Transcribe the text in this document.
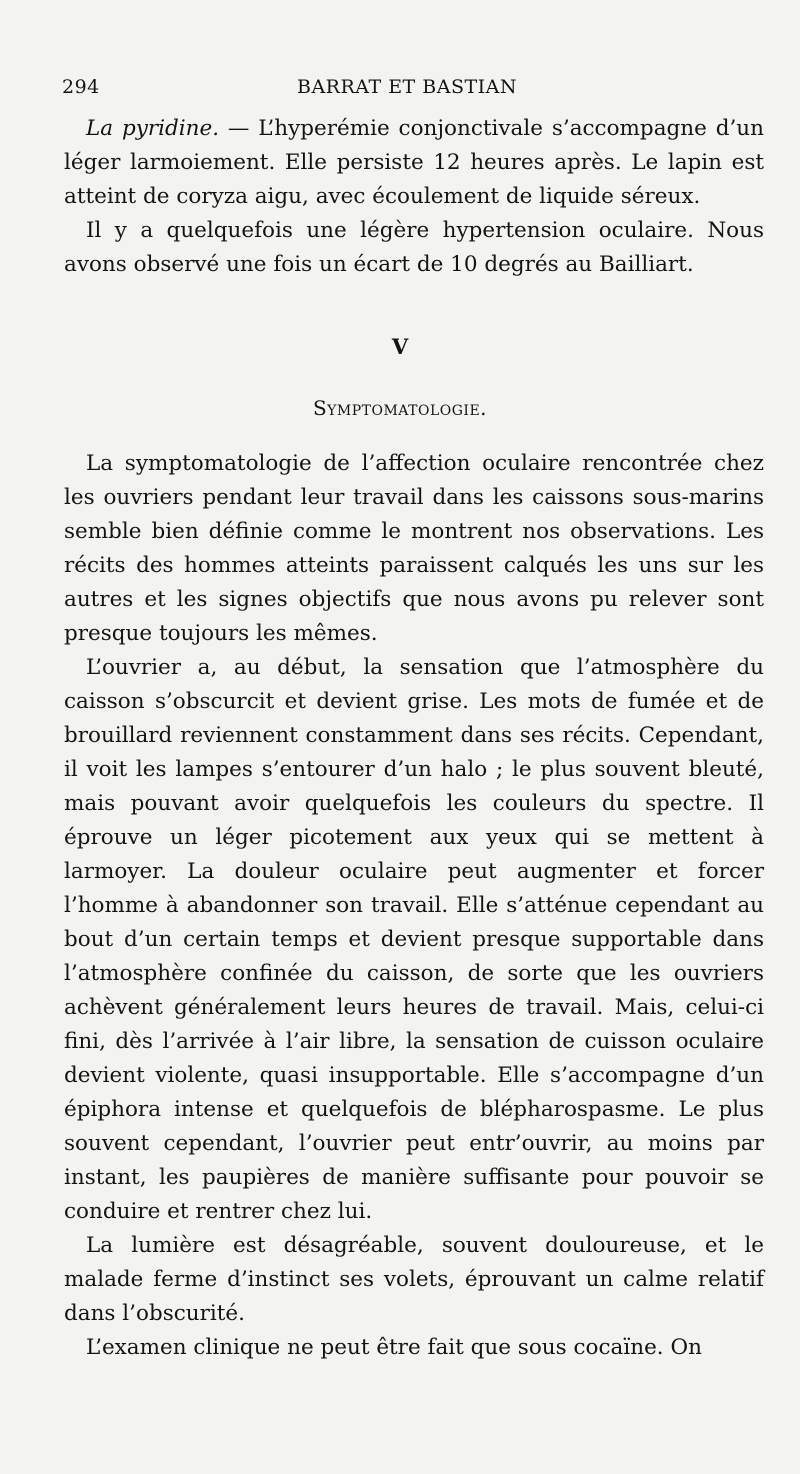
294	BARRAT ET BASTIAN

La pyridine. — L’hyperémie conjonctivale s’accompagne d’un léger larmoiement. Elle persiste 12 heures après. Le lapin est atteint de coryza aigu, avec écoulement de liquide séreux.

Il y a quelquefois une légère hypertension oculaire. Nous avons observé une fois un écart de 10 degrés au Bailliart.

V
Symptomatologie.

La symptomatologie de l’affection oculaire rencontrée chez les ouvriers pendant leur travail dans les caissons sous-marins semble bien définie comme le montrent nos observations. Les récits des hommes atteints paraissent calqués les uns sur les autres et les signes objectifs que nous avons pu relever sont presque toujours les mêmes.

L’ouvrier a, au début, la sensation que l’atmosphère du caisson s’obscurcit et devient grise. Les mots de fumée et de brouillard reviennent constamment dans ses récits. Cependant, il voit les lampes s’entourer d’un halo ; le plus souvent bleuté, mais pouvant avoir quelquefois les couleurs du spectre. Il éprouve un léger picotement aux yeux qui se mettent à larmoyer. La douleur oculaire peut augmenter et forcer l’homme à abandonner son travail. Elle s’atténue cependant au bout d’un certain temps et devient presque supportable dans l’atmosphère confinée du caisson, de sorte que les ouvriers achèvent généralement leurs heures de travail. Mais, celui-ci fini, dès l’arrivée à l’air libre, la sensation de cuisson oculaire devient violente, quasi insupportable. Elle s’accompagne d’un épiphora intense et quelquefois de blépharospasme. Le plus souvent cependant, l’ouvrier peut entr’ouvrir, au moins par instant, les paupières de manière suffisante pour pouvoir se conduire et rentrer chez lui.

La lumière est désagréable, souvent douloureuse, et le malade ferme d’instinct ses volets, éprouvant un calme relatif dans l’obscurité.

L’examen clinique ne peut être fait que sous cocaïne. On
